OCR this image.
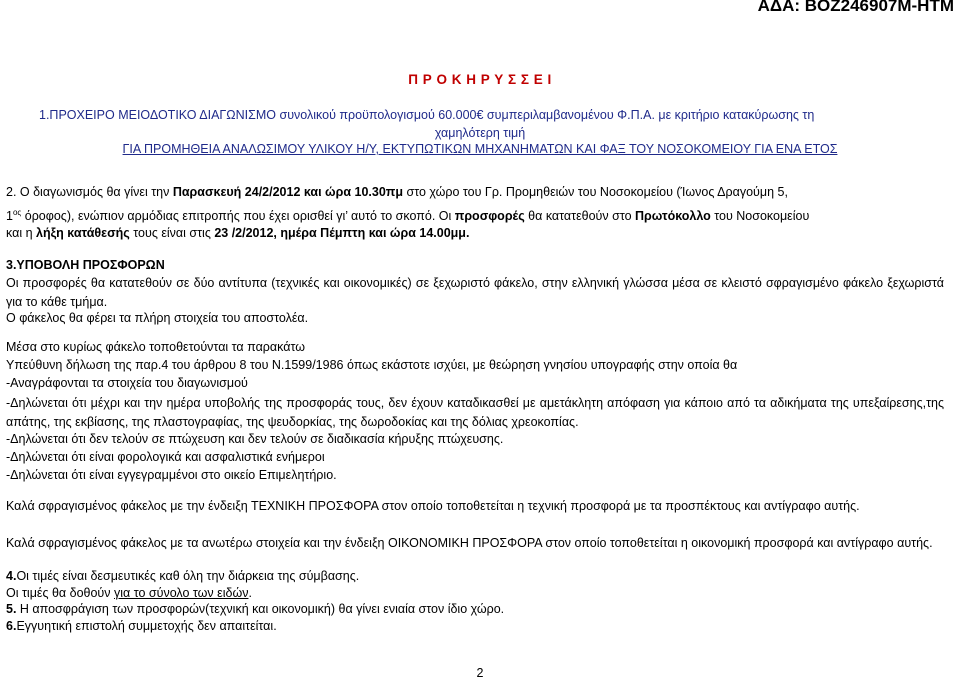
ΑΔΑ: ΒΟΖ246907Μ-ΗΤΜ
Π Ρ Ο Κ Η Ρ Υ Σ Σ Ε Ι
1.ΠΡΟΧΕΙΡΟ ΜΕΙΟΔΟΤΙΚΟ ΔΙΑΓΩΝΙΣΜΟ συνολικού προϋπολογισμού 60.000€ συμπεριλαμβανομένου Φ.Π.Α. με κριτήριο κατακύρωσης τη
χαμηλότερη τιμή
ΓΙΑ ΠΡΟΜΗΘΕΙΑ ΑΝΑΛΩΣΙΜΟΥ ΥΛΙΚΟΥ Η/Υ, ΕΚΤΥΠΩΤΙΚΩΝ ΜΗΧΑΝΗΜΑΤΩΝ ΚΑΙ ΦΑΞ ΤΟΥ ΝΟΣΟΚΟΜΕΙΟΥ ΓΙΑ ΕΝΑ ΕΤΟΣ
2. Ο διαγωνισμός θα γίνει την Παρασκευή 24/2/2012 και ώρα 10.30πμ στο χώρο του Γρ. Προμηθειών του Νοσοκομείου (Ίωνος Δραγούμη 5,
$1^{o\varsigma}$ όροφος), ενώπιον αρμόδιας επιτροπής που έχει ορισθεί γι’ αυτό το σκοπό. Οι προσφορές θα κατατεθούν στο Πρωτόκολλο του Νοσοκομείου
και η λήξη κατάθεσής τους είναι στις 23 /2/2012, ημέρα Πέμπτη και ώρα 14.00μμ.
3.ΥΠΟΒΟΛΗ ΠΡΟΣΦΟΡΩΝ
Οι προσφορές θα κατατεθούν σε δύο αντίτυπα (τεχνικές και οικονομικές) σε ξεχωριστό φάκελο, στην ελληνική γλώσσα μέσα σε κλειστό σφραγισμένο φάκελο ξεχωριστά για το κάθε τμήμα.
Ο φάκελος θα φέρει τα πλήρη στοιχεία του αποστολέα.
Μέσα στο κυρίως φάκελο τοποθετούνται τα παρακάτω
Υπεύθυνη δήλωση της παρ.4 του άρθρου 8 του Ν.1599/1986 όπως εκάστοτε ισχύει, με θεώρηση γνησίου υπογραφής στην οποία θα
-Αναγράφονται τα στοιχεία του διαγωνισμού
-Δηλώνεται ότι μέχρι και την ημέρα υποβολής της προσφοράς τους, δεν έχουν καταδικασθεί με αμετάκλητη απόφαση για κάποιο από τα αδικήματα της υπεξαίρεσης,της απάτης, της εκβίασης, της πλαστογραφίας, της ψευδορκίας, της δωροδοκίας και της δόλιας χρεοκοπίας.
-Δηλώνεται ότι δεν τελούν σε πτώχευση και δεν τελούν σε διαδικασία κήρυξης πτώχευσης.
-Δηλώνεται ότι είναι φορολογικά και ασφαλιστικά ενήμεροι
-Δηλώνεται ότι είναι εγγεγραμμένοι στο οικείο Επιμελητήριο.
Καλά σφραγισμένος φάκελος με την ένδειξη ΤΕΧΝΙΚΗ ΠΡΟΣΦΟΡΑ στον οποίο τοποθετείται η τεχνική προσφορά με τα προσπέκτους και αντίγραφο αυτής.
Καλά σφραγισμένος φάκελος με τα ανωτέρω στοιχεία και την ένδειξη ΟΙΚΟΝΟΜΙΚΗ ΠΡΟΣΦΟΡΑ στον οποίο τοποθετείται η οικονομική προσφορά και αντίγραφο αυτής.
4.Οι τιμές είναι δεσμευτικές καθ όλη την διάρκεια της σύμβασης.
Οι τιμές θα δοθούν για το σύνολο των ειδών.
5. Η αποσφράγιση των προσφορών(τεχνική και οικονομική) θα γίνει ενιαία στον ίδιο χώρο.
6.Εγγυητική επιστολή συμμετοχής δεν απαιτείται.
2
